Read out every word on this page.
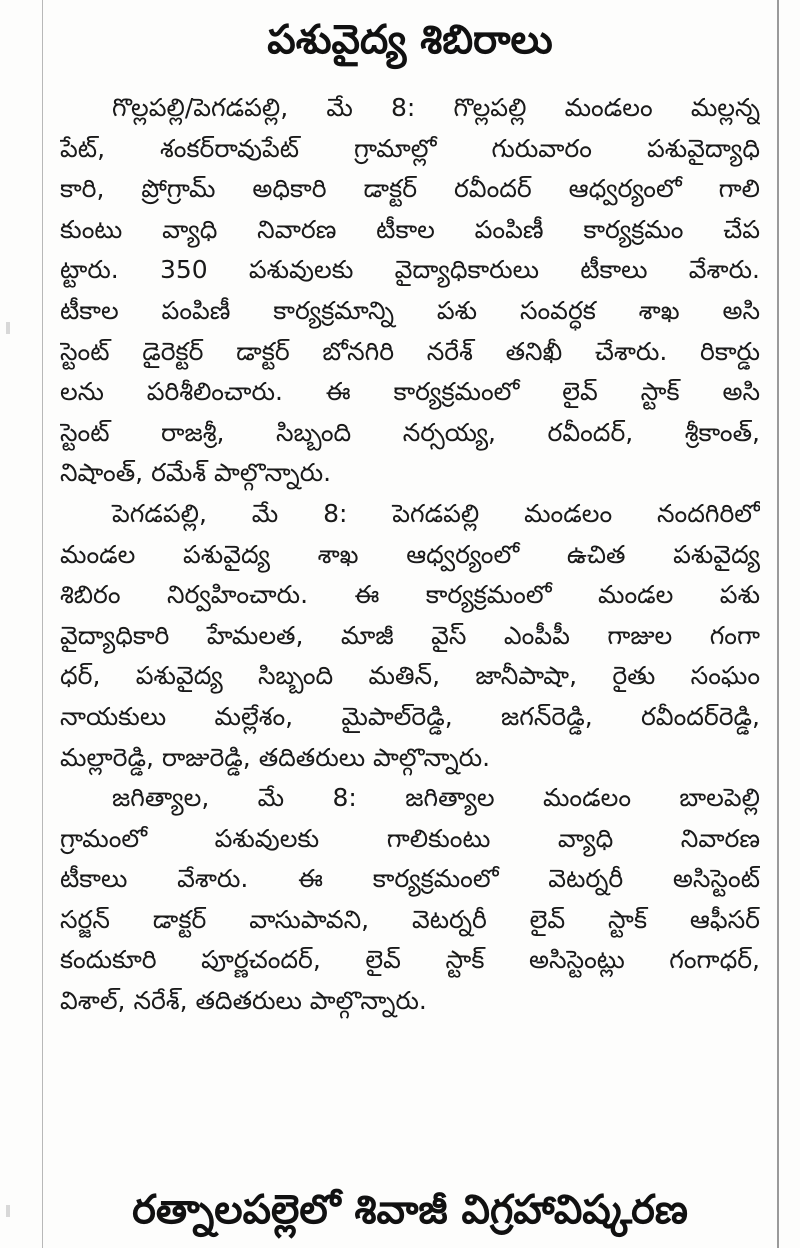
పశువైద్య శిబిరాలు
గొల్లపల్లి/పెగడపల్లి, మే 8: గొల్లపల్లి మండలం మల్లన్న
పేట్, శంకర్‌రావుపేట్ గ్రామాల్లో గురువారం పశువైద్యాధి
కారి, ప్రోగ్రామ్ అధికారి డాక్టర్ రవీందర్ ఆధ్వర్యంలో గాలి
కుంటు వ్యాధి నివారణ టీకాల పంపిణీ కార్యక్రమం చేప
ట్టారు. 350 పశువులకు వైద్యాధికారులు టీకాలు వేశారు.
టీకాల పంపిణీ కార్యక్రమాన్ని పశు సంవర్ధక శాఖ అసి
స్టెంట్ డైరెక్టర్ డాక్టర్ బోనగిరి నరేశ్ తనిఖీ చేశారు. రికార్డు
లను పరిశీలించారు. ఈ కార్యక్రమంలో లైవ్ స్టాక్ అసి
స్టెంట్ రాజశ్రీ, సిబ్బంది నర్సయ్య, రవీందర్, శ్రీకాంత్,
నిషాంత్, రమేశ్ పాల్గొన్నారు.
పెగడపల్లి, మే 8: పెగడపల్లి మండలం నందగిరిలో
మండల పశువైద్య శాఖ ఆధ్వర్యంలో ఉచిత పశువైద్య
శిబిరం నిర్వహించారు. ఈ కార్యక్రమంలో మండల పశు
వైద్యాధికారి హేమలత, మాజీ వైస్ ఎంపీపీ గాజుల గంగా
ధర్, పశువైద్య సిబ్బంది మతిన్, జానీపాషా, రైతు సంఘం
నాయకులు మల్లేశం, మైపాల్‌రెడ్డి, జగన్‌రెడ్డి, రవీందర్‌రెడ్డి,
మల్లారెడ్డి, రాజురెడ్డి, తదితరులు పాల్గొన్నారు.
జగిత్యాల, మే 8: జగిత్యాల మండలం బాలపెల్లి
గ్రామంలో పశువులకు గాలికుంటు వ్యాధి నివారణ
టీకాలు వేశారు. ఈ కార్యక్రమంలో వెటర్నరీ అసిస్టెంట్
సర్జన్ డాక్టర్ వాసుపావని, వెటర్నరీ లైవ్ స్టాక్ ఆఫీసర్
కందుకూరి పూర్ణచందర్, లైవ్ స్టాక్ అసిస్టెంట్లు గంగాధర్,
విశాల్, నరేశ్, తదితరులు పాల్గొన్నారు.
రత్నాలపల్లెలో శివాజీ విగ్రహావిష్కరణ
